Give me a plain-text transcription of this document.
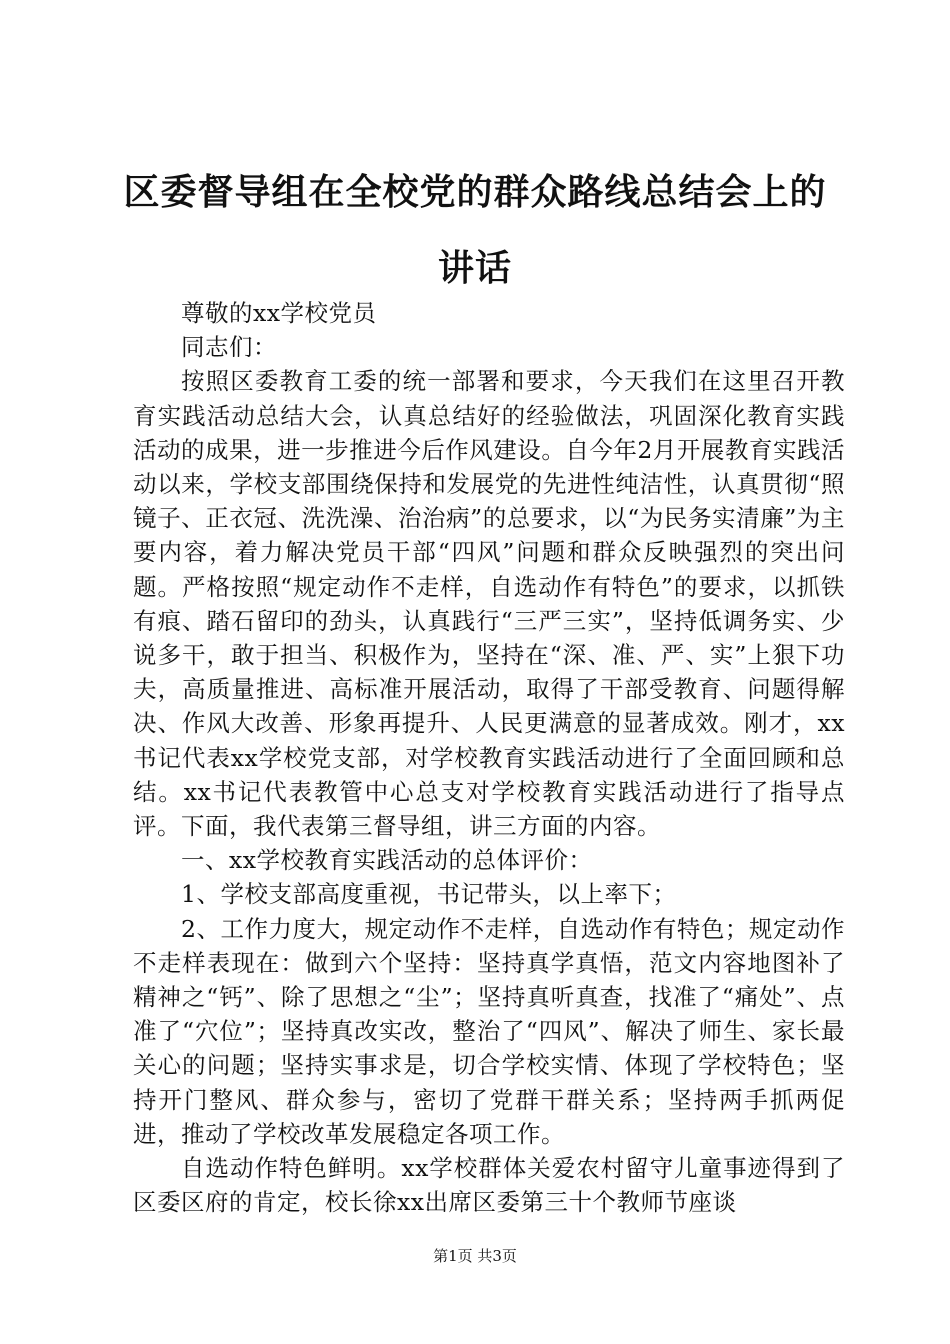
区委督导组在全校党的群众路线总结会上的讲话

尊敬的xx学校党员

同志们：

按照区委教育工委的统一部署和要求，今天我们在这里召开教育实践活动总结大会，认真总结好的经验做法，巩固深化教育实践活动的成果，进一步推进今后作风建设。自今年2月开展教育实践活动以来，学校支部围绕保持和发展党的先进性纯洁性，认真贯彻“照镜子、正衣冠、洗洗澡、治治病”的总要求，以“为民务实清廉”为主要内容，着力解决党员干部“四风”问题和群众反映强烈的突出问题。严格按照“规定动作不走样，自选动作有特色”的要求，以抓铁有痕、踏石留印的劲头，认真践行“三严三实”，坚持低调务实、少说多干，敢于担当、积极作为，坚持在“深、准、严、实”上狠下功夫，高质量推进、高标准开展活动，取得了干部受教育、问题得解决、作风大改善、形象再提升、人民更满意的显著成效。刚才，xx书记代表xx学校党支部，对学校教育实践活动进行了全面回顾和总结。xx书记代表教管中心总支对学校教育实践活动进行了指导点评。下面，我代表第三督导组，讲三方面的内容。

一、xx学校教育实践活动的总体评价：

1、学校支部高度重视，书记带头，以上率下；

2、工作力度大，规定动作不走样，自选动作有特色；规定动作不走样表现在：做到六个坚持：坚持真学真悟，范文内容地图补了精神之“钙”、除了思想之“尘”；坚持真听真查，找准了“痛处”、点准了“穴位”；坚持真改实改，整治了“四风”、解决了师生、家长最关心的问题；坚持实事求是，切合学校实情、体现了学校特色；坚持开门整风、群众参与，密切了党群干群关系；坚持两手抓两促进，推动了学校改革发展稳定各项工作。

自选动作特色鲜明。xx学校群体关爱农村留守儿童事迹得到了区委区府的肯定，校长徐xx出席区委第三十个教师节座谈

第1页 共3页
